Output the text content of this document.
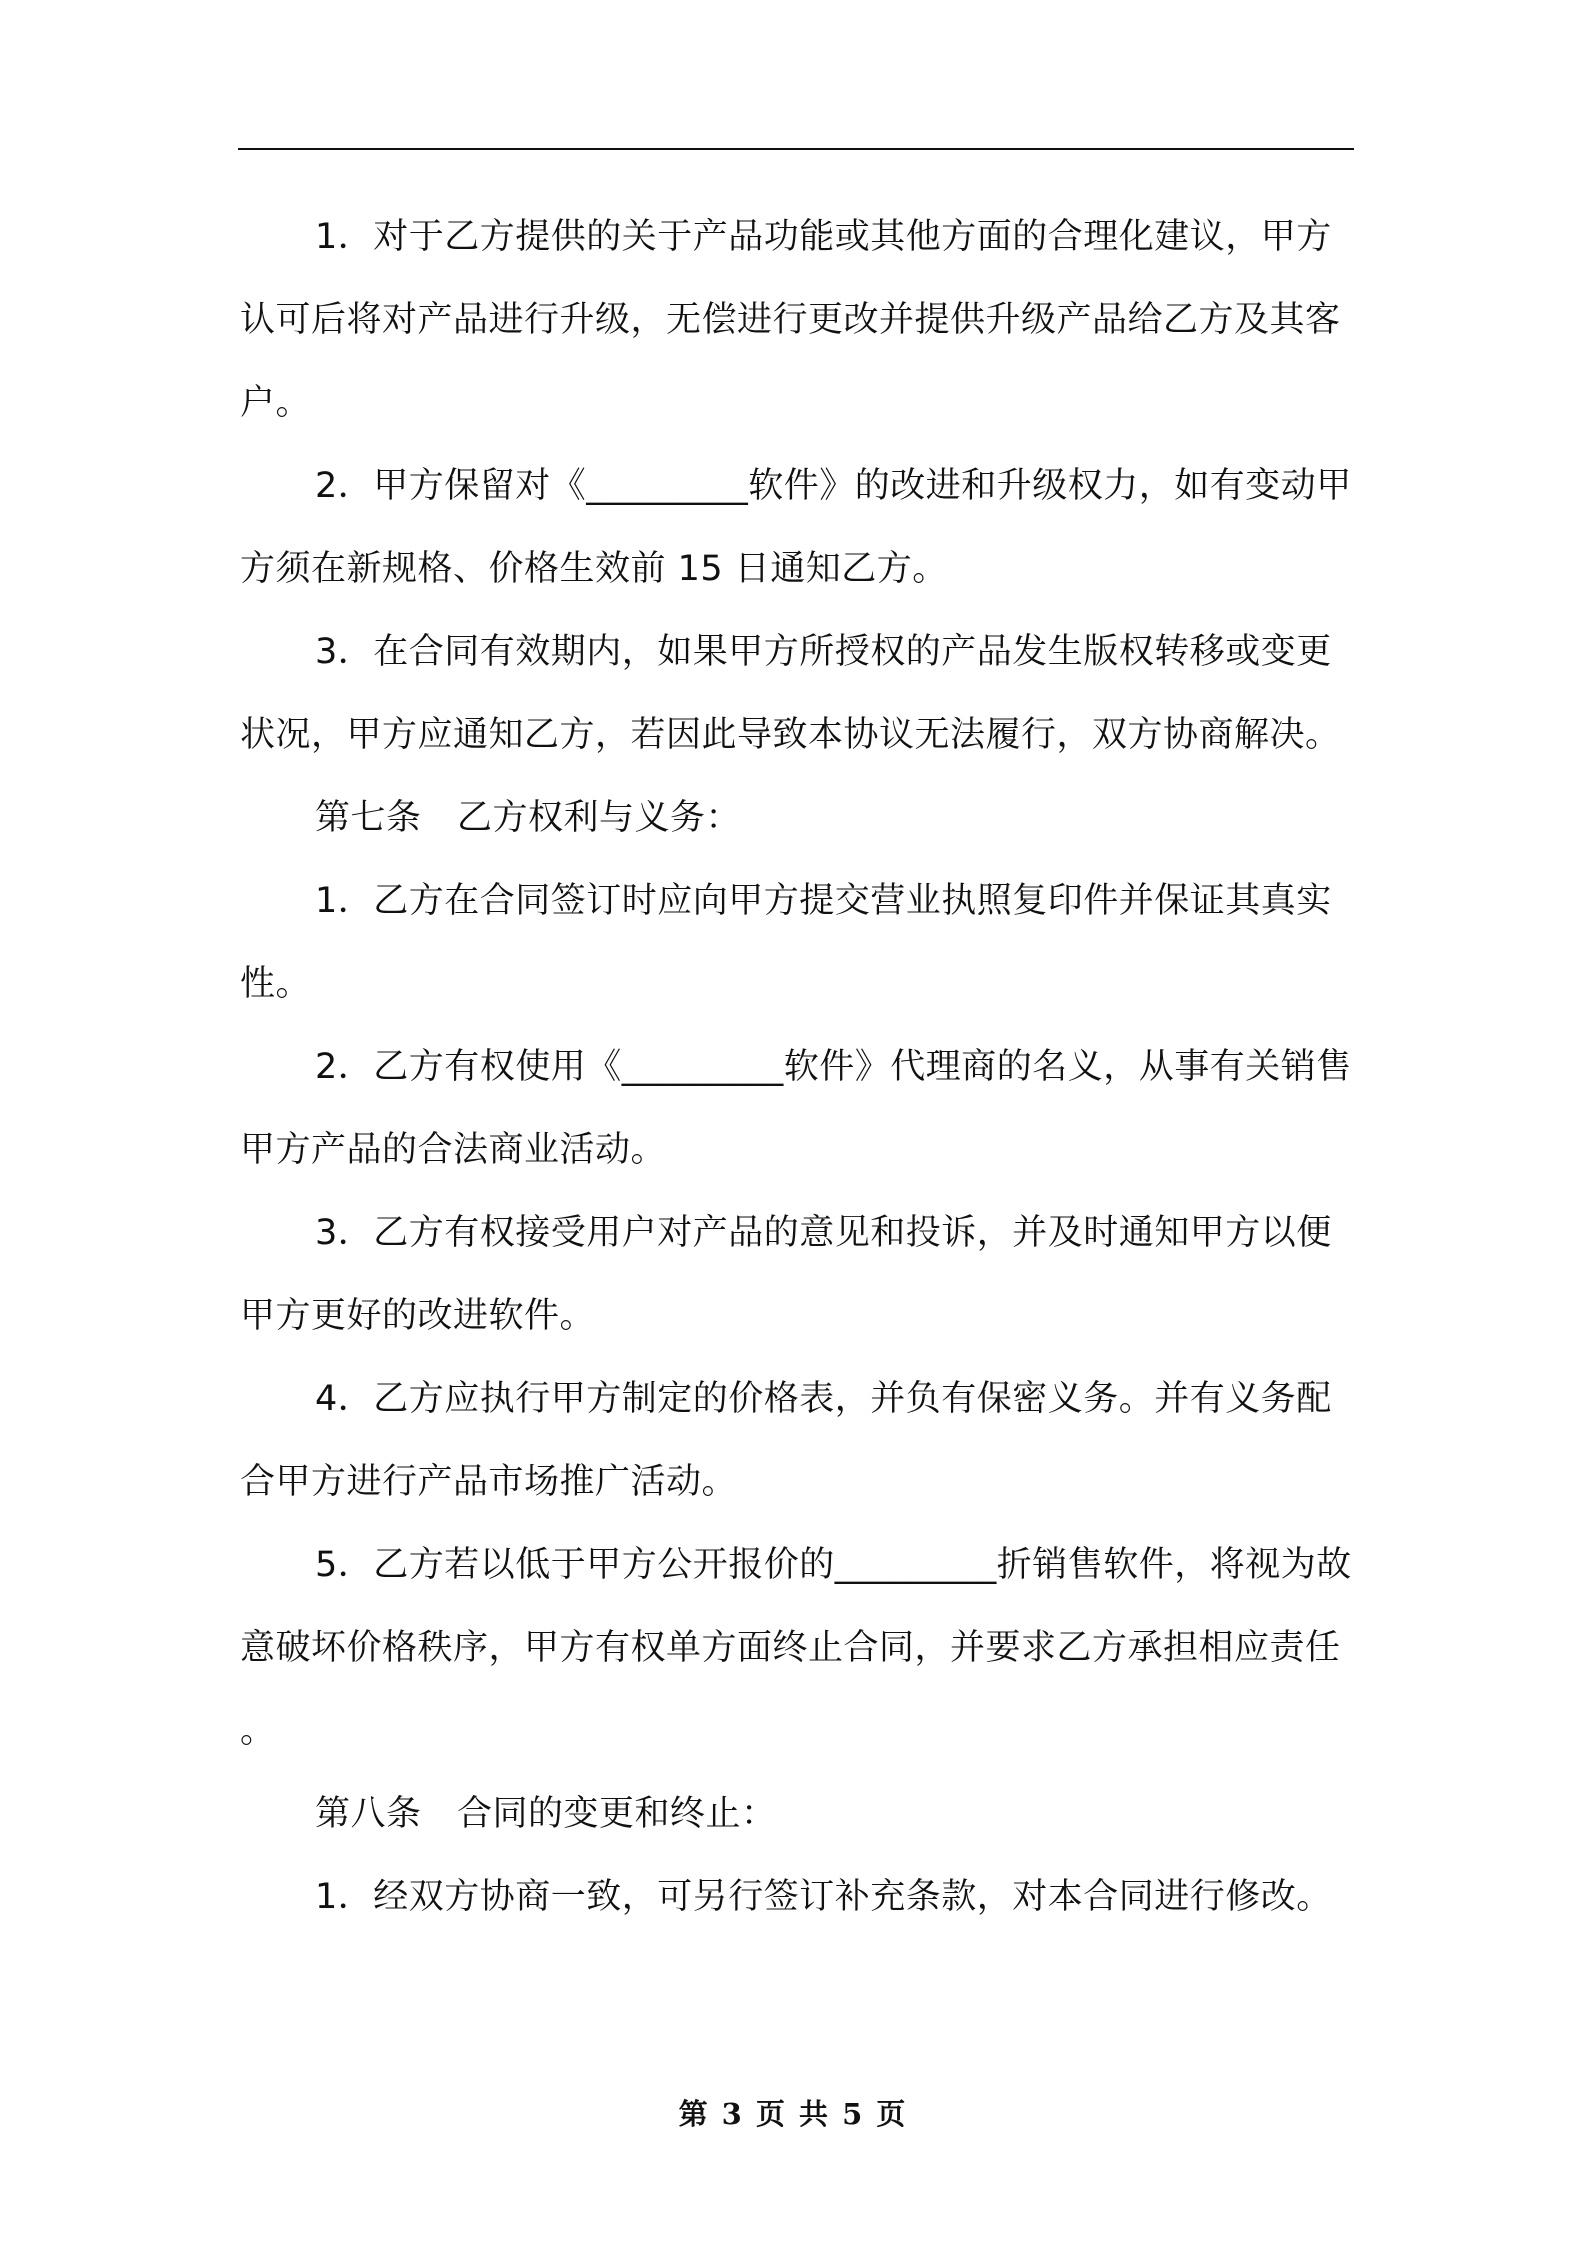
1．对于乙方提供的关于产品功能或其他方面的合理化建议，甲方认可后将对产品进行升级，无偿进行更改并提供升级产品给乙方及其客户。

2．甲方保留对《_________软件》的改进和升级权力，如有变动甲方须在新规格、价格生效前 15 日通知乙方。

3．在合同有效期内，如果甲方所授权的产品发生版权转移或变更状况，甲方应通知乙方，若因此导致本协议无法履行，双方协商解决。

第七条　乙方权利与义务：

1．乙方在合同签订时应向甲方提交营业执照复印件并保证其真实性。

2．乙方有权使用《_________软件》代理商的名义，从事有关销售甲方产品的合法商业活动。

3．乙方有权接受用户对产品的意见和投诉，并及时通知甲方以便甲方更好的改进软件。

4．乙方应执行甲方制定的价格表，并负有保密义务。并有义务配合甲方进行产品市场推广活动。

5．乙方若以低于甲方公开报价的_________折销售软件，将视为故意破坏价格秩序，甲方有权单方面终止合同，并要求乙方承担相应责任。

第八条　合同的变更和终止：

1．经双方协商一致，可另行签订补充条款，对本合同进行修改。

第 3 页 共 5 页
